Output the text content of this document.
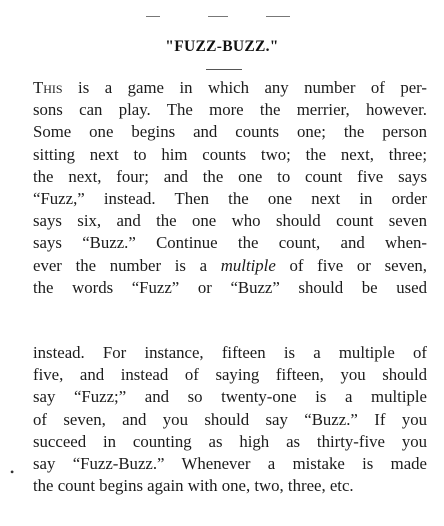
"FUZZ-BUZZ."
This is a game in which any number of per-
sons can play. The more the merrier, however.
Some one begins and counts one; the person
sitting next to him counts two; the next, three;
the next, four; and the one to count five says
“Fuzz,” instead. Then the one next in order
says six, and the one who should count seven
says “Buzz.” Continue the count, and when-
ever the number is a multiple of five or seven,
the words “Fuzz” or “Buzz” should be used
instead. For instance, fifteen is a multiple of
five, and instead of saying fifteen, you should
say “Fuzz;” and so twenty-one is a multiple
of seven, and you should say “Buzz.” If you
succeed in counting as high as thirty-five you
say “Fuzz-Buzz.” Whenever a mistake is made
the count begins again with one, two, three, etc.
•
